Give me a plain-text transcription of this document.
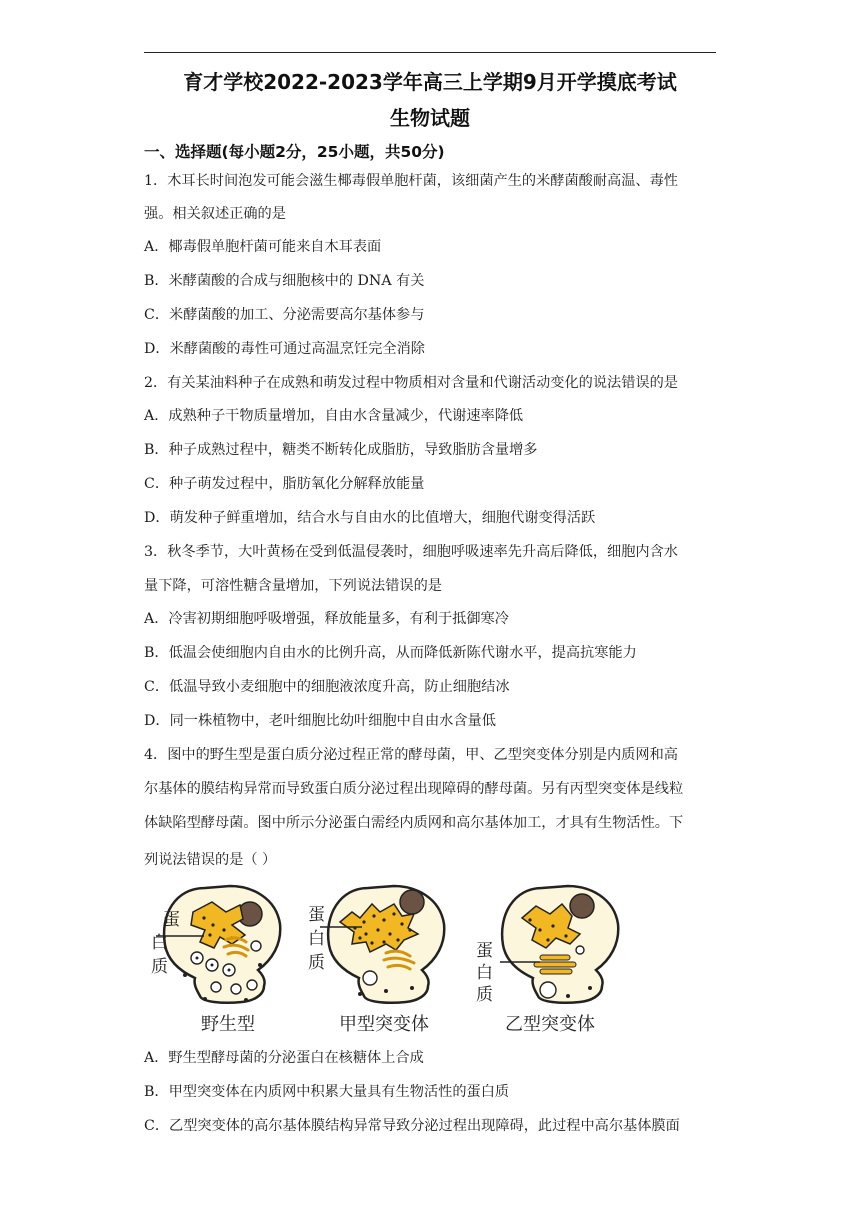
育才学校2022-2023学年高三上学期9月开学摸底考试
生物试题
一、选择题(每小题2分，25小题，共50分)
1．木耳长时间泡发可能会滋生椰毒假单胞杆菌，该细菌产生的米酵菌酸耐高温、毒性
强。相关叙述正确的是
A．椰毒假单胞杆菌可能来自木耳表面
B．米酵菌酸的合成与细胞核中的 DNA 有关
C．米酵菌酸的加工、分泌需要高尔基体参与
D．米酵菌酸的毒性可通过高温烹饪完全消除
2．有关某油料种子在成熟和萌发过程中物质相对含量和代谢活动变化的说法错误的是
A．成熟种子干物质量增加，自由水含量减少，代谢速率降低
B．种子成熟过程中，糖类不断转化成脂肪，导致脂肪含量增多
C．种子萌发过程中，脂肪氧化分解释放能量
D．萌发种子鲜重增加，结合水与自由水的比值增大，细胞代谢变得活跃
3．秋冬季节，大叶黄杨在受到低温侵袭时，细胞呼吸速率先升高后降低，细胞内含水
量下降，可溶性糖含量增加，下列说法错误的是
A．冷害初期细胞呼吸增强，释放能量多，有利于抵御寒冷
B．低温会使细胞内自由水的比例升高，从而降低新陈代谢水平，提高抗寒能力
C．低温导致小麦细胞中的细胞液浓度升高，防止细胞结冰
D．同一株植物中，老叶细胞比幼叶细胞中自由水含量低
4．图中的野生型是蛋白质分泌过程正常的酵母菌，甲、乙型突变体分别是内质网和高
尔基体的膜结构异常而导致蛋白质分泌过程出现障碍的酵母菌。另有丙型突变体是线粒
体缺陷型酵母菌。图中所示分泌蛋白需经内质网和高尔基体加工，才具有生物活性。下
列说法错误的是（ ）
蛋
白
质
野生型
蛋
白
质
甲型突变体
蛋
白
质
乙型突变体
A．野生型酵母菌的分泌蛋白在核糖体上合成
B．甲型突变体在内质网中积累大量具有生物活性的蛋白质
C．乙型突变体的高尔基体膜结构异常导致分泌过程出现障碍，此过程中高尔基体膜面
